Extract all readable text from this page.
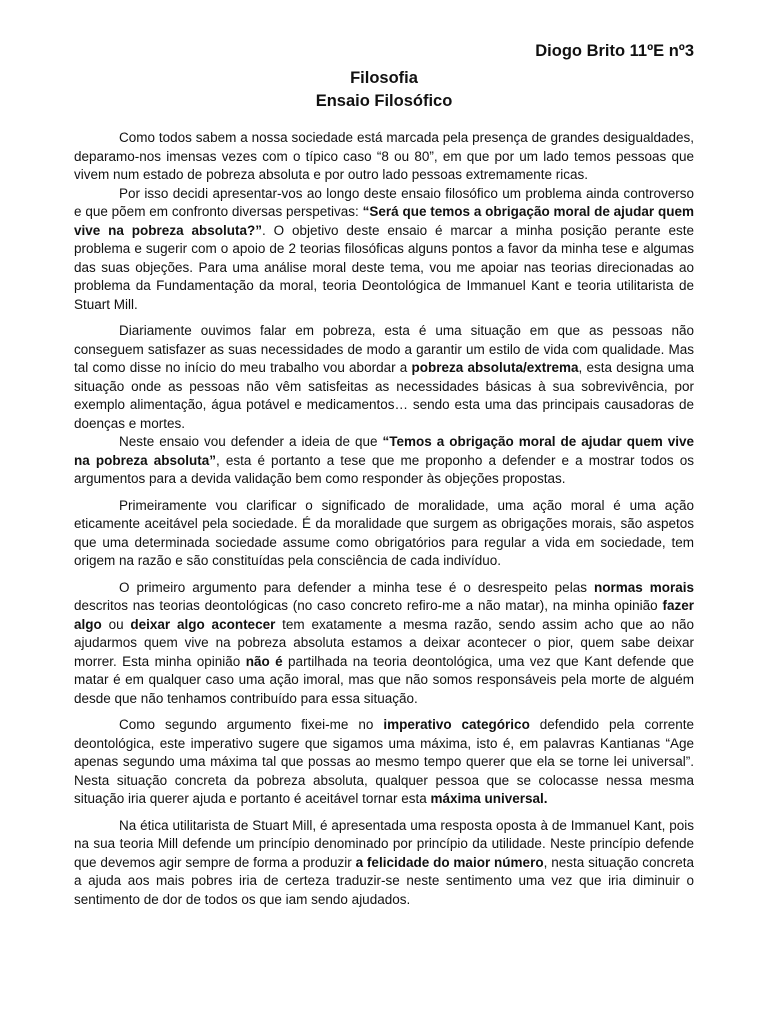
Diogo Brito 11ºE nº3

Filosofia
Ensaio Filosófico

Como todos sabem a nossa sociedade está marcada pela presença de grandes desigualdades, deparamo-nos imensas vezes com o típico caso “8 ou 80”, em que por um lado temos pessoas que vivem num estado de pobreza absoluta e por outro lado pessoas extremamente ricas.

Por isso decidi apresentar-vos ao longo deste ensaio filosófico um problema ainda controverso e que põem em confronto diversas perspetivas: “Será que temos a obrigação moral de ajudar quem vive na pobreza absoluta?”. O objetivo deste ensaio é marcar a minha posição perante este problema e sugerir com o apoio de 2 teorias filosóficas alguns pontos a favor da minha tese e algumas das suas objeções. Para uma análise moral deste tema, vou me apoiar nas teorias direcionadas ao problema da Fundamentação da moral, teoria Deontológica de Immanuel Kant e teoria utilitarista de Stuart Mill.

Diariamente ouvimos falar em pobreza, esta é uma situação em que as pessoas não conseguem satisfazer as suas necessidades de modo a garantir um estilo de vida com qualidade. Mas tal como disse no início do meu trabalho vou abordar a pobreza absoluta/extrema, esta designa uma situação onde as pessoas não vêm satisfeitas as necessidades básicas à sua sobrevivência, por exemplo alimentação, água potável e medicamentos… sendo esta uma das principais causadoras de doenças e mortes.

Neste ensaio vou defender a ideia de que “Temos a obrigação moral de ajudar quem vive na pobreza absoluta”, esta é portanto a tese que me proponho a defender e a mostrar todos os argumentos para a devida validação bem como responder às objeções propostas.

Primeiramente vou clarificar o significado de moralidade, uma ação moral é uma ação eticamente aceitável pela sociedade. É da moralidade que surgem as obrigações morais, são aspetos que uma determinada sociedade assume como obrigatórios para regular a vida em sociedade, tem origem na razão e são constituídas pela consciência de cada indivíduo.

O primeiro argumento para defender a minha tese é o desrespeito pelas normas morais descritos nas teorias deontológicas (no caso concreto refiro-me a não matar), na minha opinião fazer algo ou deixar algo acontecer tem exatamente a mesma razão, sendo assim acho que ao não ajudarmos quem vive na pobreza absoluta estamos a deixar acontecer o pior, quem sabe deixar morrer. Esta minha opinião não é partilhada na teoria deontológica, uma vez que Kant defende que matar é em qualquer caso uma ação imoral, mas que não somos responsáveis pela morte de alguém desde que não tenhamos contribuído para essa situação.

Como segundo argumento fixei-me no imperativo categórico defendido pela corrente deontológica, este imperativo sugere que sigamos uma máxima, isto é, em palavras Kantianas “Age apenas segundo uma máxima tal que possas ao mesmo tempo querer que ela se torne lei universal”. Nesta situação concreta da pobreza absoluta, qualquer pessoa que se colocasse nessa mesma situação iria querer ajuda e portanto é aceitável tornar esta máxima universal.

Na ética utilitarista de Stuart Mill, é apresentada uma resposta oposta à de Immanuel Kant, pois na sua teoria Mill defende um princípio denominado por princípio da utilidade. Neste princípio defende que devemos agir sempre de forma a produzir a felicidade do maior número, nesta situação concreta a ajuda aos mais pobres iria de certeza traduzir-se neste sentimento uma vez que iria diminuir o sentimento de dor de todos os que iam sendo ajudados.
